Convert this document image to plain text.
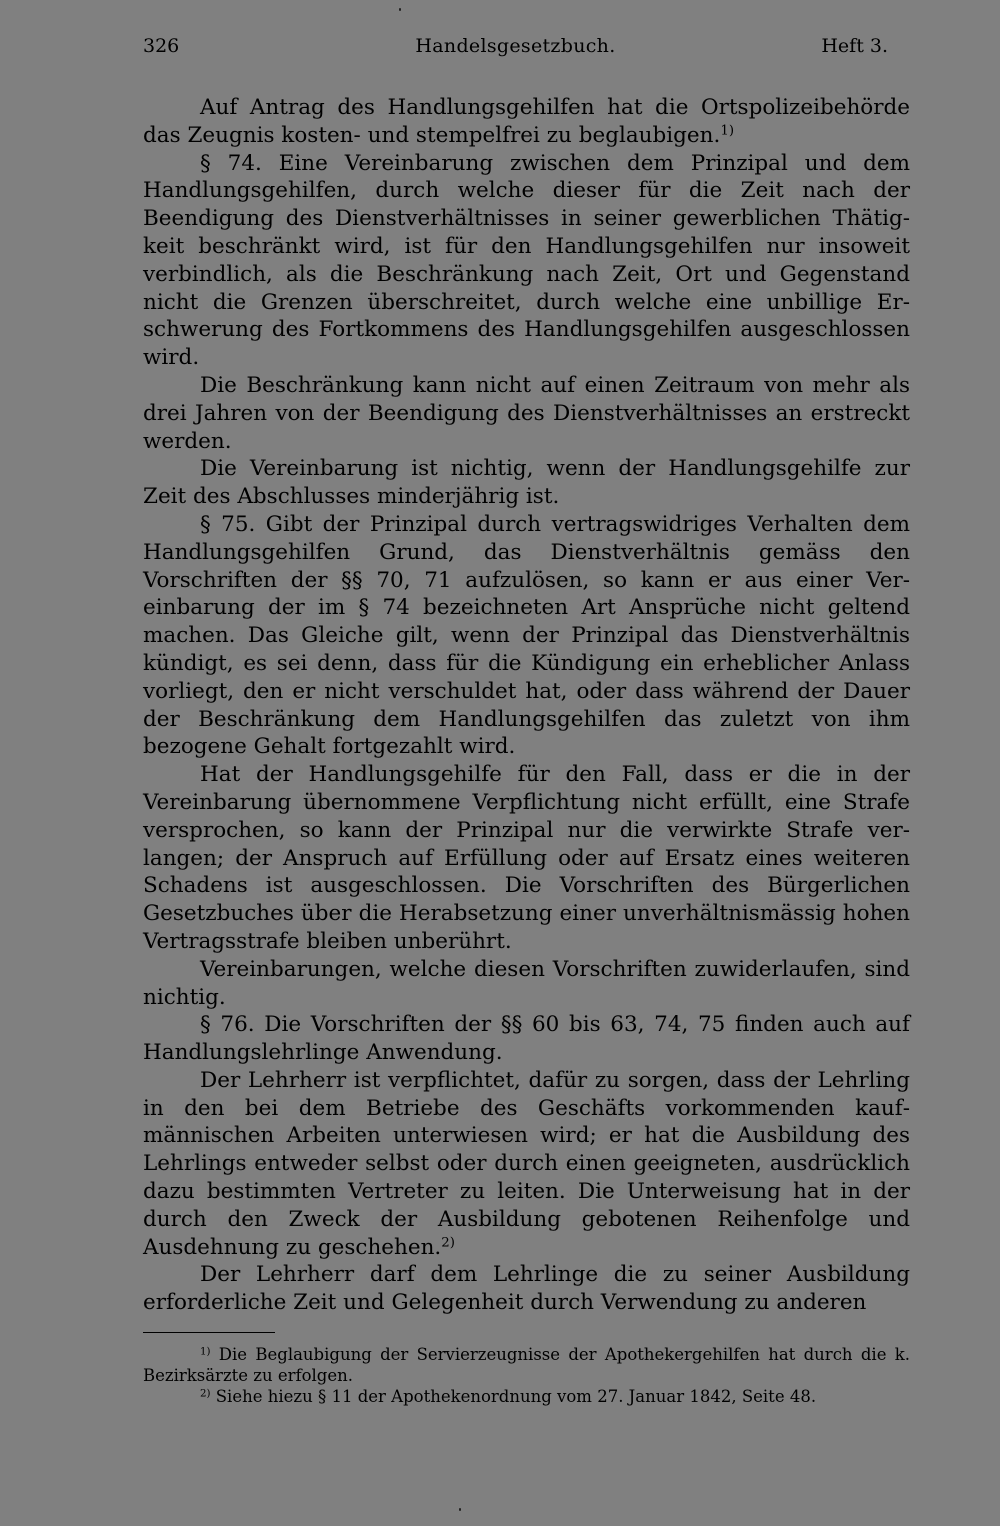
326	Handelsgesetzbuch.	Heft 3.

Auf Antrag des Handlungsgehilfen hat die Ortspolizeibehörde das Zeugnis kosten- und stempelfrei zu beglaubigen.$^{1)}$

§ 74. Eine Vereinbarung zwischen dem Prinzipal und dem Handlungsgehilfen, durch welche dieser für die Zeit nach der Beendigung des Dienstverhältnisses in seiner gewerblichen Thätigkeit beschränkt wird, ist für den Handlungsgehilfen nur insoweit verbindlich, als die Beschränkung nach Zeit, Ort und Gegenstand nicht die Grenzen überschreitet, durch welche eine unbillige Erschwerung des Fortkommens des Handlungsgehilfen ausgeschlossen wird.

Die Beschränkung kann nicht auf einen Zeitraum von mehr als drei Jahren von der Beendigung des Dienstverhältnisses an erstreckt werden.

Die Vereinbarung ist nichtig, wenn der Handlungsgehilfe zur Zeit des Abschlusses minderjährig ist.

§ 75. Gibt der Prinzipal durch vertragswidriges Verhalten dem Handlungsgehilfen Grund, das Dienstverhältnis gemäss den Vorschriften der §§ 70, 71 aufzulösen, so kann er aus einer Vereinbarung der im § 74 bezeichneten Art Ansprüche nicht geltend machen. Das Gleiche gilt, wenn der Prinzipal das Dienstverhältnis kündigt, es sei denn, dass für die Kündigung ein erheblicher Anlass vorliegt, den er nicht verschuldet hat, oder dass während der Dauer der Beschränkung dem Handlungsgehilfen das zuletzt von ihm bezogene Gehalt fortgezahlt wird.

Hat der Handlungsgehilfe für den Fall, dass er die in der Vereinbarung übernommene Verpflichtung nicht erfüllt, eine Strafe versprochen, so kann der Prinzipal nur die verwirkte Strafe verlangen; der Anspruch auf Erfüllung oder auf Ersatz eines weiteren Schadens ist ausgeschlossen. Die Vorschriften des Bürgerlichen Gesetzbuches über die Herabsetzung einer unverhältnismässig hohen Vertragsstrafe bleiben unberührt.

Vereinbarungen, welche diesen Vorschriften zuwiderlaufen, sind nichtig.

§ 76. Die Vorschriften der §§ 60 bis 63, 74, 75 finden auch auf Handlungslehrlinge Anwendung.

Der Lehrherr ist verpflichtet, dafür zu sorgen, dass der Lehrling in den bei dem Betriebe des Geschäfts vorkommenden kaufmännischen Arbeiten unterwiesen wird; er hat die Ausbildung des Lehrlings entweder selbst oder durch einen geeigneten, ausdrücklich dazu bestimmten Vertreter zu leiten. Die Unterweisung hat in der durch den Zweck der Ausbildung gebotenen Reihenfolge und Ausdehnung zu geschehen.$^{2)}$

Der Lehrherr darf dem Lehrlinge die zu seiner Ausbildung erforderliche Zeit und Gelegenheit durch Verwendung zu anderen

$^{1)}$ Die Beglaubigung der Servierzeugnisse der Apothekergehilfen hat durch die k. Bezirksärzte zu erfolgen.

$^{2)}$ Siehe hiezu § 11 der Apothekenordnung vom 27. Januar 1842, Seite 48.
